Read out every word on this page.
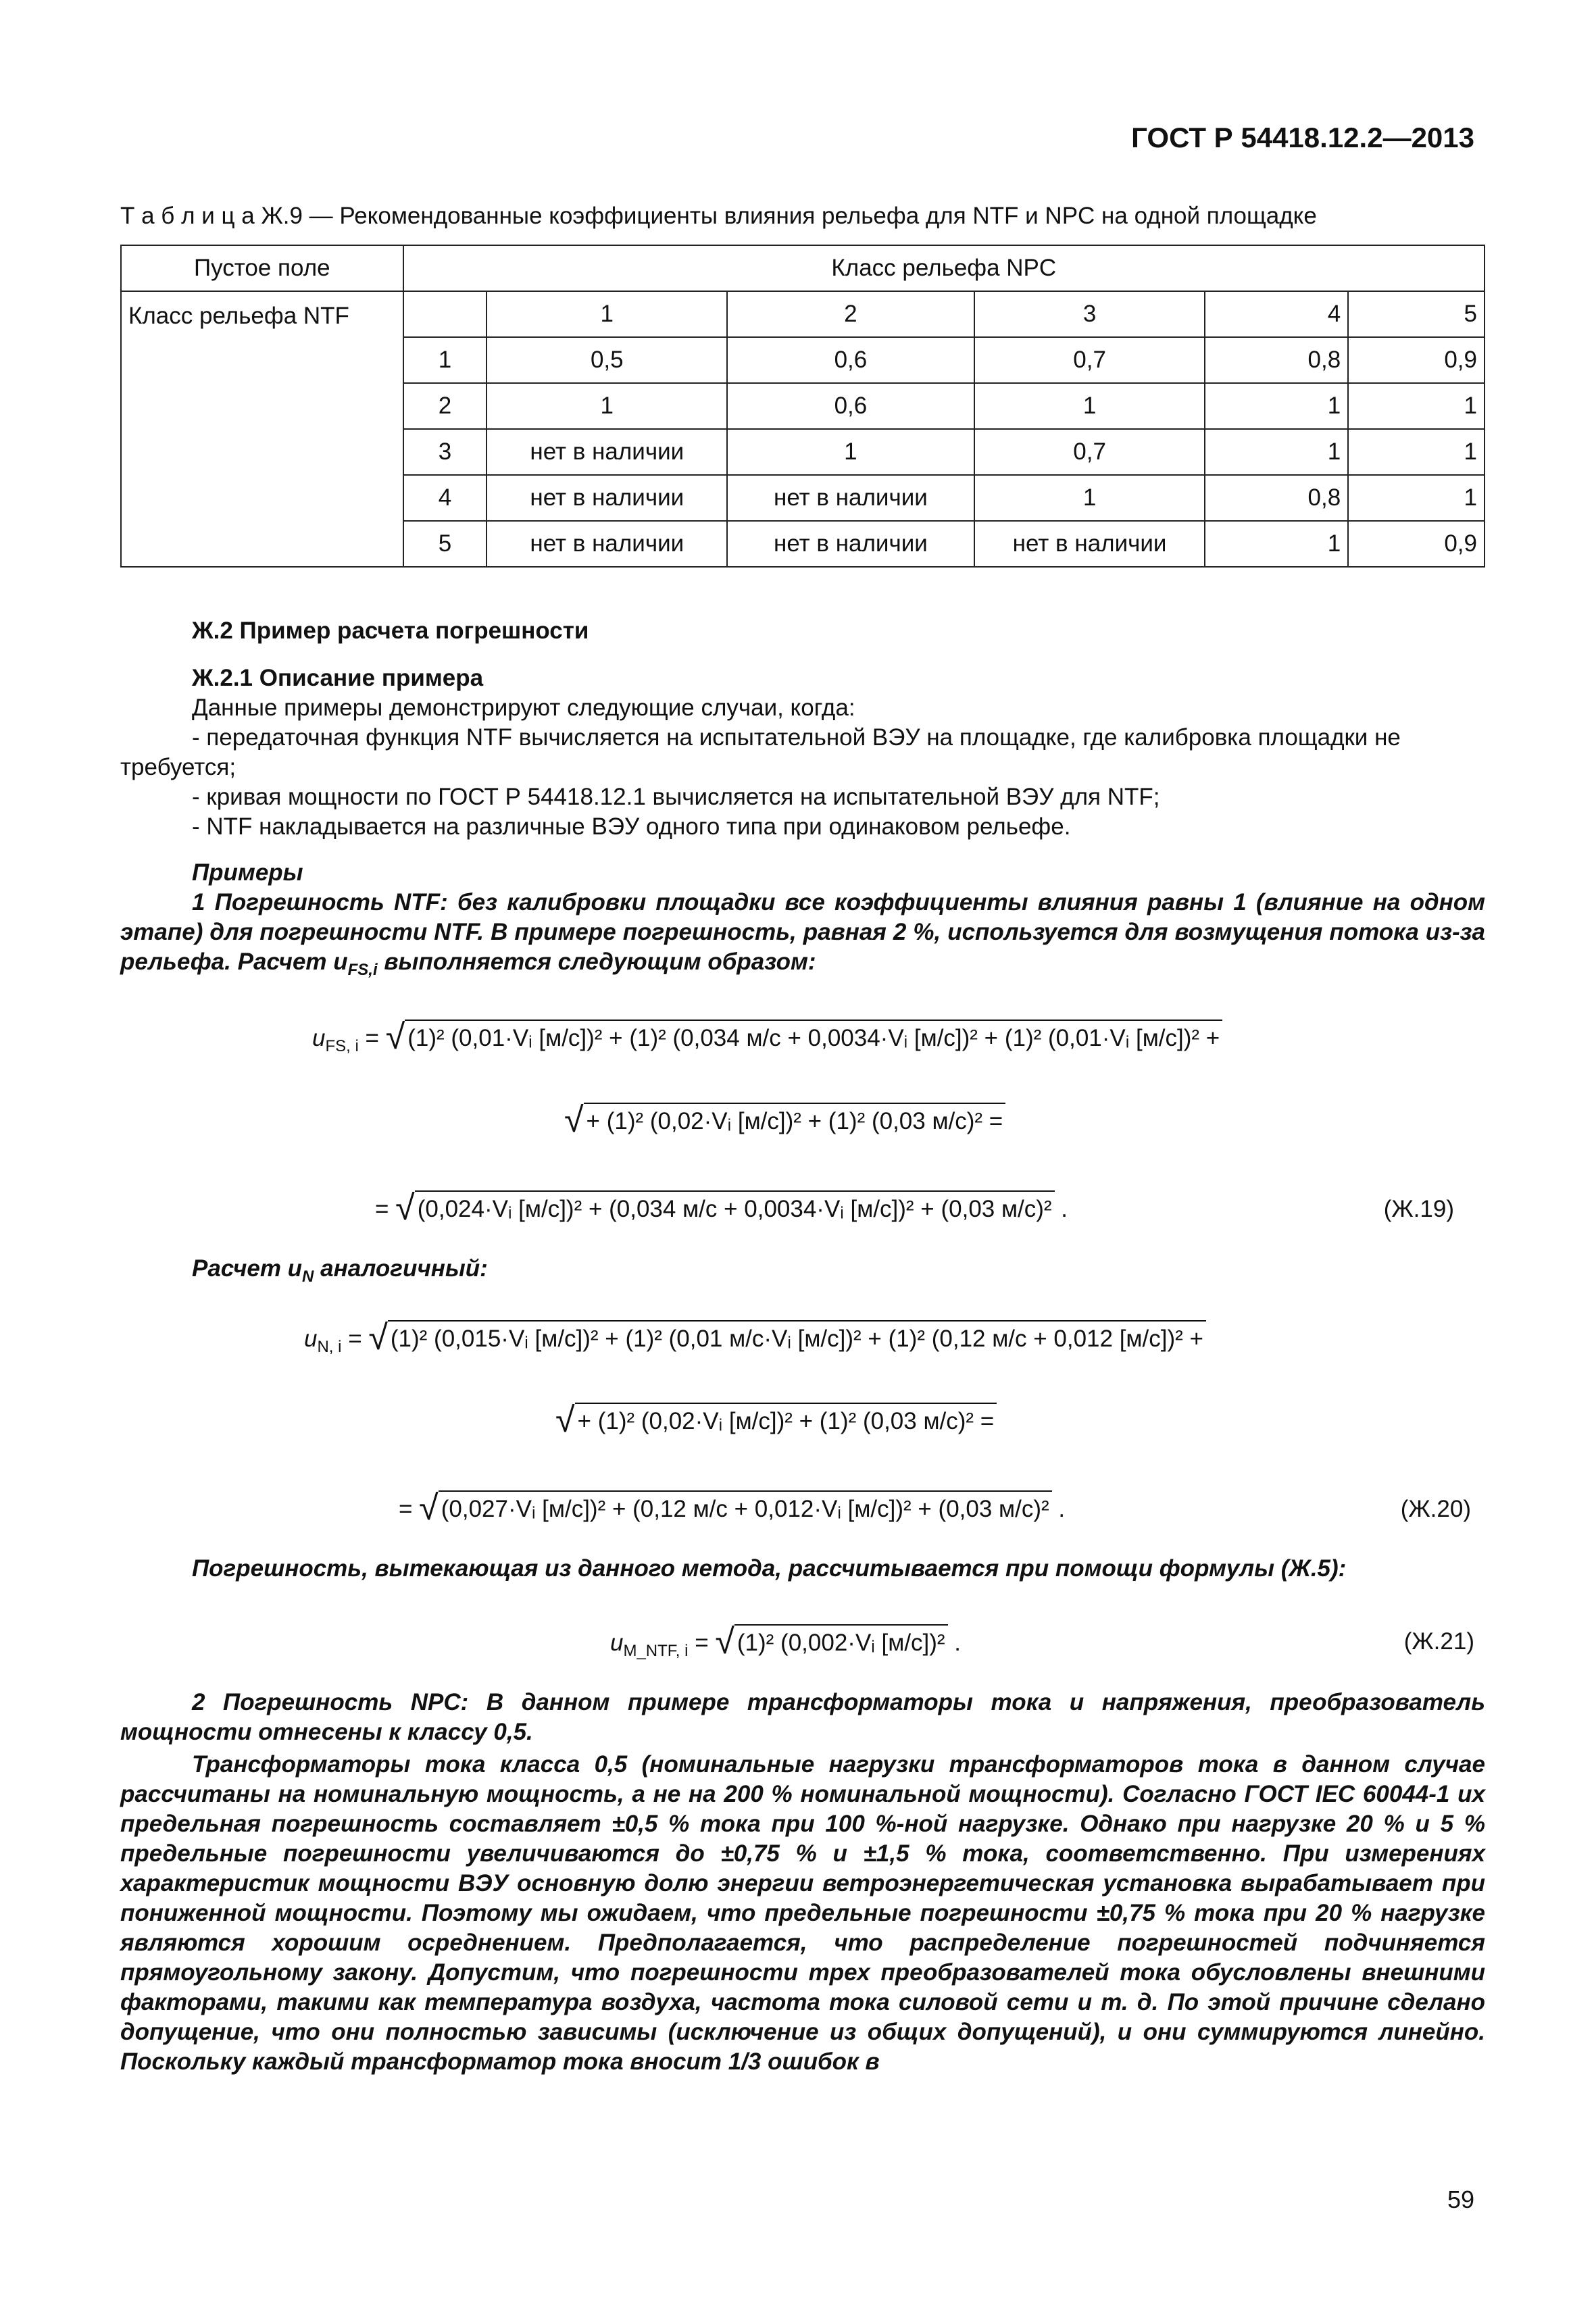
ГОСТ Р 54418.12.2—2013
Т а б л и ц а Ж.9 — Рекомендованные коэффициенты влияния рельефа для NTF и NPC на одной площадке
Пустое поле	Класс рельефа NPC					
Класс рельефа NTF		1	2	3	4	5
	1	0,5	0,6	0,7	0,8	0,9
	2	1	0,6	1	1	1
	3	нет в наличии	1	0,7	1	1
	4	нет в наличии	нет в наличии	1	0,8	1
	5	нет в наличии	нет в наличии	нет в наличии	1	0,9

Ж.2 Пример расчета погрешности

Ж.2.1 Описание примера

Данные примеры демонстрируют следующие случаи, когда:

- передаточная функция NTF вычисляется на испытательной ВЭУ на площадке, где калибровка площадки не требуется;

- кривая мощности по ГОСТ Р 54418.12.1 вычисляется на испытательной ВЭУ для NTF;

- NTF накладывается на различные ВЭУ одного типа при одинаковом рельефе.

Примеры

1 Погрешность NTF: без калибровки площадки все коэффициенты влияния равны 1 (влияние на одном этапе) для погрешности NTF. В примере погрешность, равная 2 %, используется для возмущения потока из-за рельефа. Расчет $u_{FS,i}$ выполняется следующим образом:

$u_{FS, i}$ = √ (1)² (0,01·Vᵢ [м/с])² + (1)² (0,034 м/с + 0,0034·Vᵢ [м/с])² + (1)² (0,01·Vᵢ [м/с])² +
√ + (1)² (0,02·Vᵢ [м/с])² + (1)² (0,03 м/с)² =
= √ (0,024·Vᵢ [м/с])² + (0,034 м/с + 0,0034·Vᵢ [м/с])² + (0,03 м/с)² .	(Ж.19)

Расчет $u_N$ аналогичный:

$u_{N, i}$ = √ (1)² (0,015·Vᵢ [м/с])² + (1)² (0,01 м/с·Vᵢ [м/с])² + (1)² (0,12 м/с + 0,012 [м/с])² +
√ + (1)² (0,02·Vᵢ [м/с])² + (1)² (0,03 м/с)² =
= √ (0,027·Vᵢ [м/с])² + (0,12 м/с + 0,012·Vᵢ [м/с])² + (0,03 м/с)² .	(Ж.20)

Погрешность, вытекающая из данного метода, рассчитывается при помощи формулы (Ж.5):

$u_{M\_NTF, i}$ = √ (1)² (0,002·Vᵢ [м/с])² .	(Ж.21)

2 Погрешность NPC: В данном примере трансформаторы тока и напряжения, преобразователь мощности отнесены к классу 0,5.

Трансформаторы тока класса 0,5 (номинальные нагрузки трансформаторов тока в данном случае рассчитаны на номинальную мощность, а не на 200 % номинальной мощности). Согласно ГОСТ IEC 60044-1 их предельная погрешность составляет ±0,5 % тока при 100 %-ной нагрузке. Однако при нагрузке 20 % и 5 % предельные погрешности увеличиваются до ±0,75 % и ±1,5 % тока, соответственно. При измерениях характеристик мощности ВЭУ основную долю энергии ветроэнергетическая установка вырабатывает при пониженной мощности. Поэтому мы ожидаем, что предельные погрешности ±0,75 % тока при 20 % нагрузке являются хорошим осреднением. Предполагается, что распределение погрешностей подчиняется прямоугольному закону. Допустим, что погрешности трех преобразователей тока обусловлены внешними факторами, такими как температура воздуха, частота тока силовой сети и т. д. По этой причине сделано допущение, что они полностью зависимы (исключение из общих допущений), и они суммируются линейно. Поскольку каждый трансформатор тока вносит 1/3 ошибок в

59
